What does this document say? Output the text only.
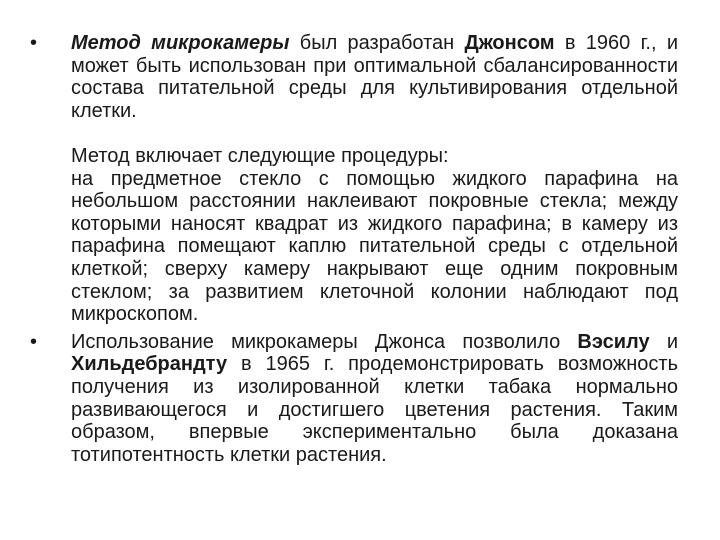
• Метод микрокамеры был разработан Джонсом в 1960 г., и может быть использован при оптимальной сбалансированности состава питательной среды для культивирования отдельной клетки.

Метод включает следующие процедуры:
на предметное стекло с помощью жидкого парафина на небольшом расстоянии наклеивают покровные стекла; между которыми наносят квадрат из жидкого парафина; в камеру из парафина помещают каплю питательной среды с отдельной клеткой; сверху камеру накрывают еще одним покровным стеклом; за развитием клеточной колонии наблюдают под микроскопом.

• Использование микрокамеры Джонса позволило Вэсилу и Хильдебрандту в 1965 г. продемонстрировать возможность получения из изолированной клетки табака нормально развивающегося и достигшего цветения растения. Таким образом, впервые экспериментально была доказана тотипотентность клетки растения.
